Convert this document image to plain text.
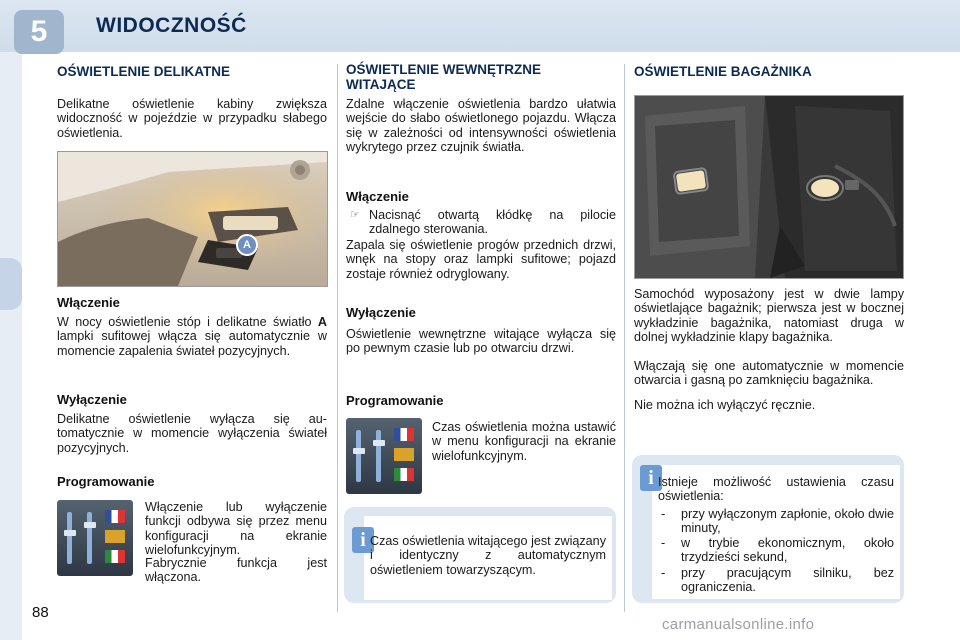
5	WIDOCZNOŚĆ
OŚWIETLENIE DELIKATNE
Delikatne oświetlenie kabiny zwiększa widoczność w pojeździe w przypadku słabego oświetlenia.
A
Włączenie
W nocy oświetlenie stóp i delikatne światło A lampki sufitowej włącza się automatycznie w momencie zapalenia świateł pozycyjnych.
Wyłączenie
Delikatne oświetlenie wyłącza się automatycznie w momencie wyłączenia świateł pozycyjnych.
Programowanie
Włączenie lub wyłączenie funkcji odbywa się przez menu konfiguracji na ekranie wielofunkcyjnym.
Fabrycznie funkcja jest włączona.
OŚWIETLENIE WEWNĘTRZNE
WITAJĄCE
Zdalne włączenie oświetlenia bardzo ułatwia wejście do słabo oświetlonego pojazdu. Włącza się w zależności od intensywności oświetlenia wykrytego przez czujnik światła.
Włączenie
☞ Nacisnąć otwartą kłódkę na pilocie zdalnego sterowania.
Zapala się oświetlenie progów przednich drzwi, wnęk na stopy oraz lampki sufitowe; pojazd zostaje również odryglowany.
Wyłączenie
Oświetlenie wewnętrzne witające wyłącza się po pewnym czasie lub po otwarciu drzwi.
Programowanie
Czas oświetlenia można ustawić w menu konfiguracji na ekranie wielofunkcyjnym.
i Czas oświetlenia witającego jest związany i identyczny z automatycznym oświetleniem towarzyszącym.
OŚWIETLENIE BAGAŻNIKA
Samochód wyposażony jest w dwie lampy oświetlające bagażnik; pierwsza jest w bocznej wykładzinie bagażnika, natomiast druga w dolnej wykładzinie klapy bagażnika.
Włączają się one automatycznie w momencie otwarcia i gasną po zamknięciu bagażnika.
Nie można ich wyłączyć ręcznie.
i Istnieje możliwość ustawienia czasu oświetlenia:
- przy wyłączonym zapłonie, około dwie minuty,
- w trybie ekonomicznym, około trzydzieści sekund,
- przy pracującym silniku, bez ograniczenia.
88
carmanualsonline.info
